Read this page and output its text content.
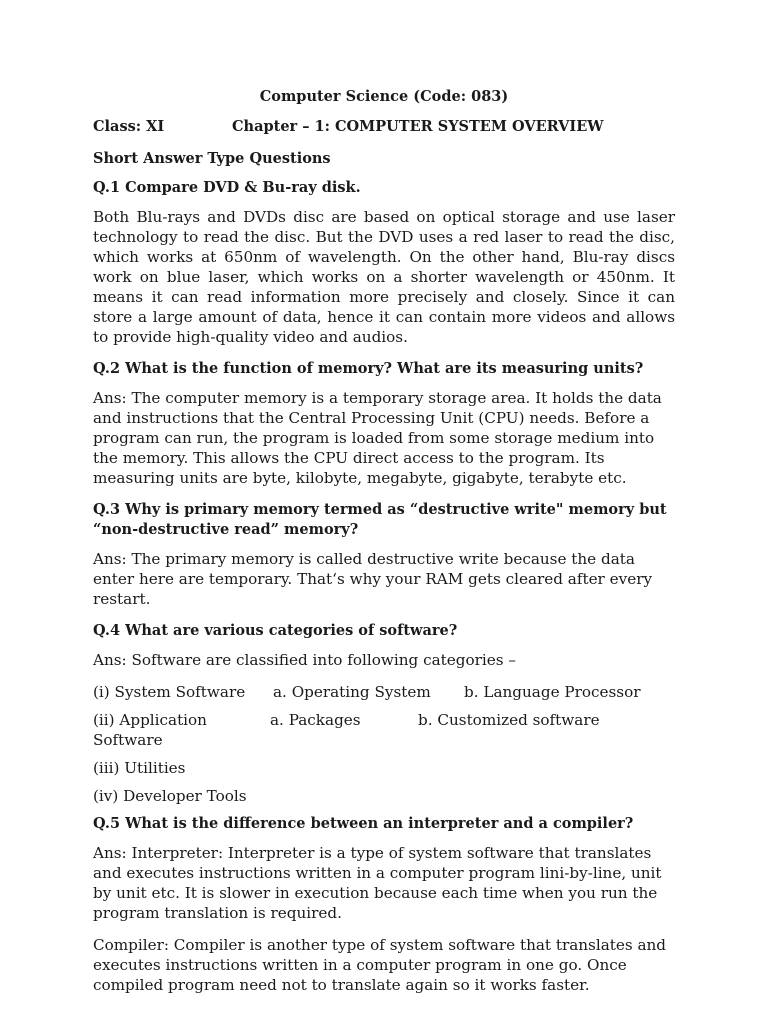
Computer Science (Code: 083)
Class: XI	Chapter – 1: COMPUTER SYSTEM OVERVIEW
Short Answer Type Questions
Q.1 Compare DVD & Bu-ray disk.
Both Blu-rays and DVDs disc are based on optical storage and use laser technology to read the disc. But the DVD uses a red laser to read the disc, which works at 650nm of wavelength. On the other hand, Blu-ray discs work on blue laser, which works on a shorter wavelength or 450nm. It means it can read information more precisely and closely. Since it can store a large amount of data, hence it can contain more videos and allows to provide high-quality video and audios.
Q.2 What is the function of memory? What are its measuring units?
Ans: The computer memory is a temporary storage area. It holds the data and instructions that the Central Processing Unit (CPU) needs. Before a program can run, the program is loaded from some storage medium into the memory. This allows the CPU direct access to the program. Its measuring units are byte, kilobyte, megabyte, gigabyte, terabyte etc.
Q.3 Why is primary memory termed as “destructive write" memory but “non-destructive read” memory?
Ans: The primary memory is called destructive write because the data enter here are temporary. That‘s why your RAM gets cleared after every restart.
Q.4 What are various categories of software?
Ans: Software are classified into following categories –
(i) System Software	a. Operating System	b. Language Processor
(ii) Application Software
a. Packages	b. Customized software
(iii) Utilities
(iv) Developer Tools
Q.5 What is the difference between an interpreter and a compiler?
Ans: Interpreter: Interpreter is a type of system software that translates and executes instructions written in a computer program lini-by-line, unit by unit etc. It is slower in execution because each time when you run the program translation is required.
Compiler: Compiler is another type of system software that translates and executes instructions written in a computer program in one go. Once compiled program need not to translate again so it works faster.
